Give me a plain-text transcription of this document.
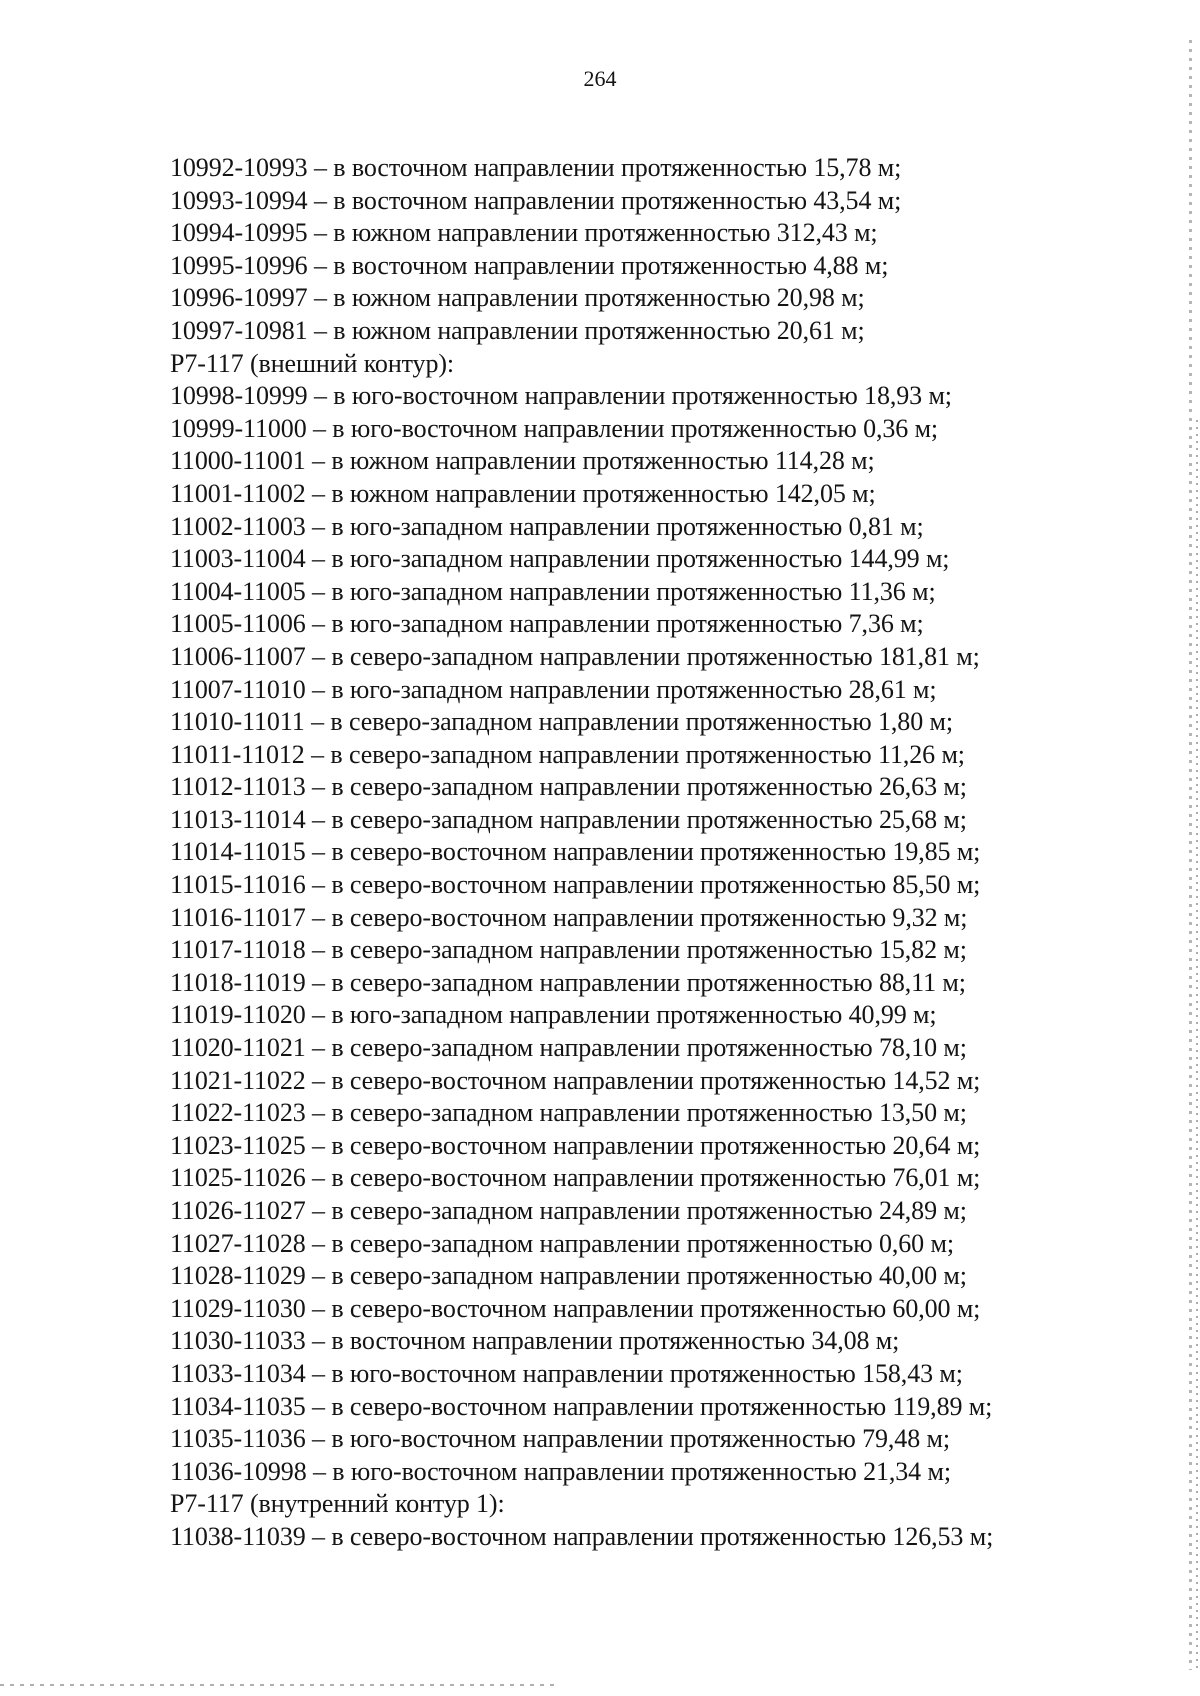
264
10992-10993 – в восточном направлении протяженностью 15,78 м;
10993-10994 – в восточном направлении протяженностью 43,54 м;
10994-10995 – в южном направлении протяженностью 312,43 м;
10995-10996 – в восточном направлении протяженностью 4,88 м;
10996-10997 – в южном направлении протяженностью 20,98 м;
10997-10981 – в южном направлении протяженностью 20,61 м;
Р7-117 (внешний контур):
10998-10999 – в юго-восточном направлении протяженностью 18,93 м;
10999-11000 – в юго-восточном направлении протяженностью 0,36 м;
11000-11001 – в южном направлении протяженностью 114,28 м;
11001-11002 – в южном направлении протяженностью 142,05 м;
11002-11003 – в юго-западном направлении протяженностью 0,81 м;
11003-11004 – в юго-западном направлении протяженностью 144,99 м;
11004-11005 – в юго-западном направлении протяженностью 11,36 м;
11005-11006 – в юго-западном направлении протяженностью 7,36 м;
11006-11007 – в северо-западном направлении протяженностью 181,81 м;
11007-11010 – в юго-западном направлении протяженностью 28,61 м;
11010-11011 – в северо-западном направлении протяженностью 1,80 м;
11011-11012 – в северо-западном направлении протяженностью 11,26 м;
11012-11013 – в северо-западном направлении протяженностью 26,63 м;
11013-11014 – в северо-западном направлении протяженностью 25,68 м;
11014-11015 – в северо-восточном направлении протяженностью 19,85 м;
11015-11016 – в северо-восточном направлении протяженностью 85,50 м;
11016-11017 – в северо-восточном направлении протяженностью 9,32 м;
11017-11018 – в северо-западном направлении протяженностью 15,82 м;
11018-11019 – в северо-западном направлении протяженностью 88,11 м;
11019-11020 – в юго-западном направлении протяженностью 40,99 м;
11020-11021 – в северо-западном направлении протяженностью 78,10 м;
11021-11022 – в северо-восточном направлении протяженностью 14,52 м;
11022-11023 – в северо-западном направлении протяженностью 13,50 м;
11023-11025 – в северо-восточном направлении протяженностью 20,64 м;
11025-11026 – в северо-восточном направлении протяженностью 76,01 м;
11026-11027 – в северо-западном направлении протяженностью 24,89 м;
11027-11028 – в северо-западном направлении протяженностью 0,60 м;
11028-11029 – в северо-западном направлении протяженностью 40,00 м;
11029-11030 – в северо-восточном направлении протяженностью 60,00 м;
11030-11033 – в восточном направлении протяженностью 34,08 м;
11033-11034 – в юго-восточном направлении протяженностью 158,43 м;
11034-11035 – в северо-восточном направлении протяженностью 119,89 м;
11035-11036 – в юго-восточном направлении протяженностью 79,48 м;
11036-10998 – в юго-восточном направлении протяженностью 21,34 м;
Р7-117 (внутренний контур 1):
11038-11039 – в северо-восточном направлении протяженностью 126,53 м;
